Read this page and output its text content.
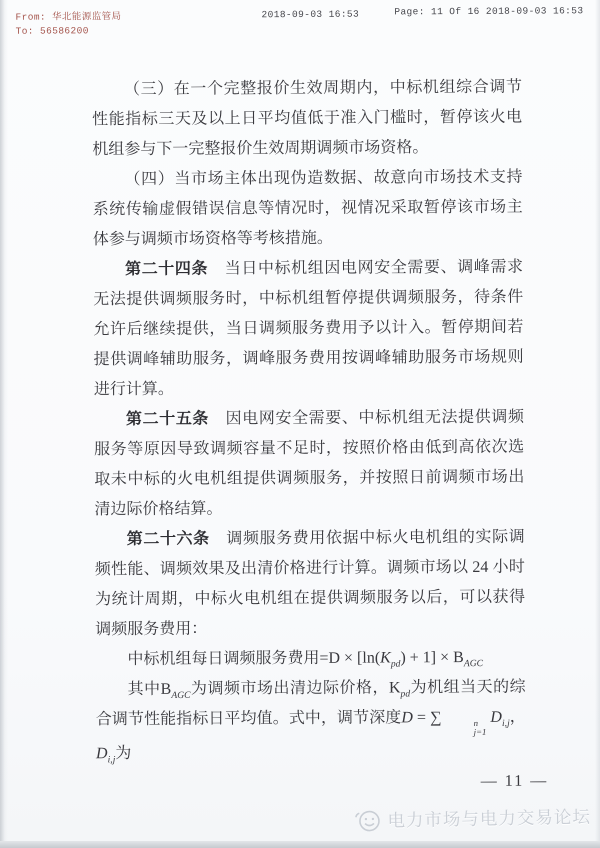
From: 华北能源监管局
To: 56586200
2018-09-03 16:53	Page: 11 Of 16 2018-09-03 16:53
（三）在一个完整报价生效周期内，中标机组综合调节性能指标三天及以上日平均值低于准入门槛时，暂停该火电机组参与下一完整报价生效周期调频市场资格。
（四）当市场主体出现伪造数据、故意向市场技术支持系统传输虚假错误信息等情况时，视情况采取暂停该市场主体参与调频市场资格等考核措施。
第二十四条　当日中标机组因电网安全需要、调峰需求无法提供调频服务时，中标机组暂停提供调频服务，待条件允许后继续提供，当日调频服务费用予以计入。暂停期间若提供调峰辅助服务，调峰服务费用按调峰辅助服务市场规则进行计算。
第二十五条　因电网安全需要、中标机组无法提供调频服务等原因导致调频容量不足时，按照价格由低到高依次选取未中标的火电机组提供调频服务，并按照日前调频市场出清边际价格结算。
第二十六条　调频服务费用依据中标火电机组的实际调频性能、调频效果及出清价格进行计算。调频市场以 24 小时为统计周期，中标火电机组在提供调频服务以后，可以获得调频服务费用：
中标机组每日调频服务费用$=D \times [\ln(K_{pd}) + 1] \times B_{AGC}$
其中$B_{AGC}$为调频市场出清边际价格，$K_{pd}$为机组当天的综合调节性能指标日平均值。式中，调节深度D = ∑	n
j=1
$D_{i,j}$，$D_{i,j}$为
— 11 —
电力市场与电力交易论坛
